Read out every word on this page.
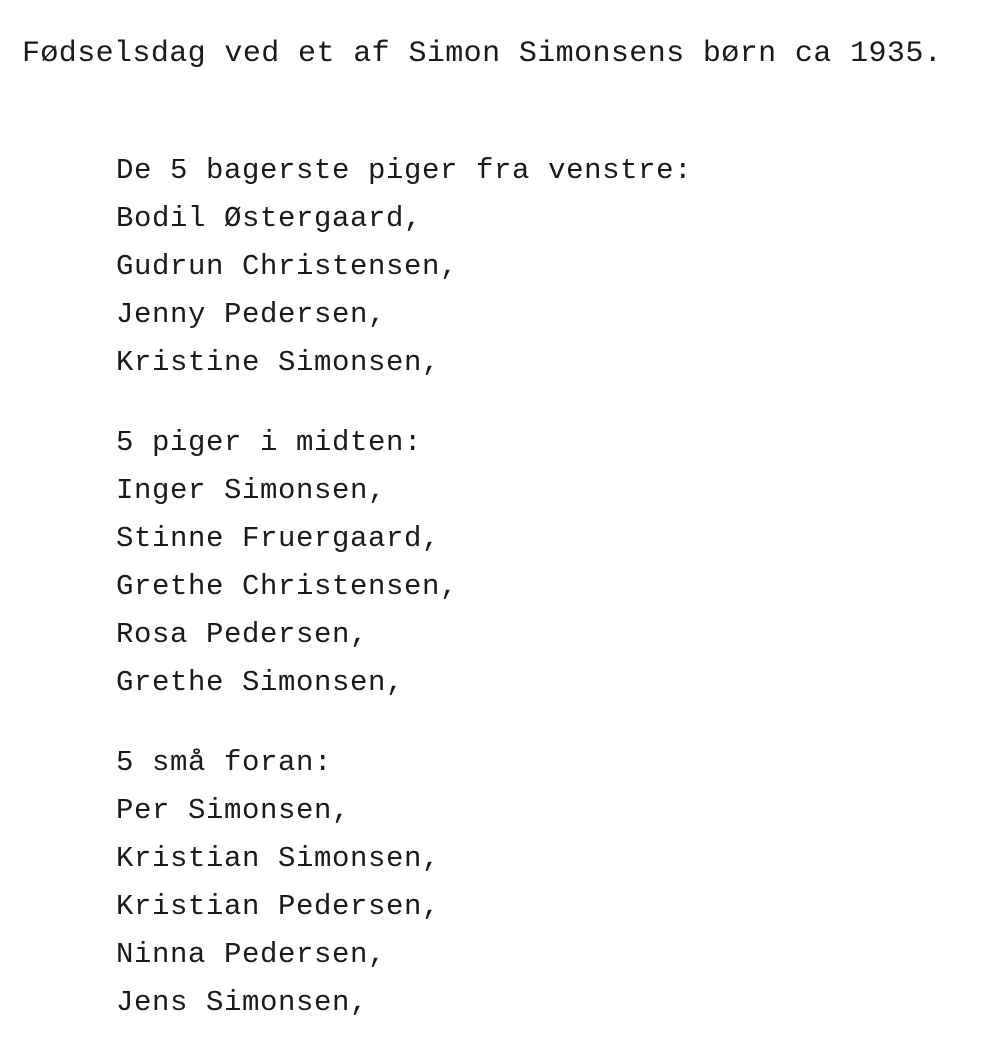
Fødselsdag ved et af Simon Simonsens børn ca 1935.
De 5 bagerste piger fra venstre:
Bodil Østergaard,
Gudrun Christensen,
Jenny Pedersen,
Kristine Simonsen,
5 piger i midten:
Inger Simonsen,
Stinne Fruergaard,
Grethe Christensen,
Rosa Pedersen,
Grethe Simonsen,
5 små foran:
Per Simonsen,
Kristian Simonsen,
Kristian Pedersen,
Ninna Pedersen,
Jens Simonsen,
